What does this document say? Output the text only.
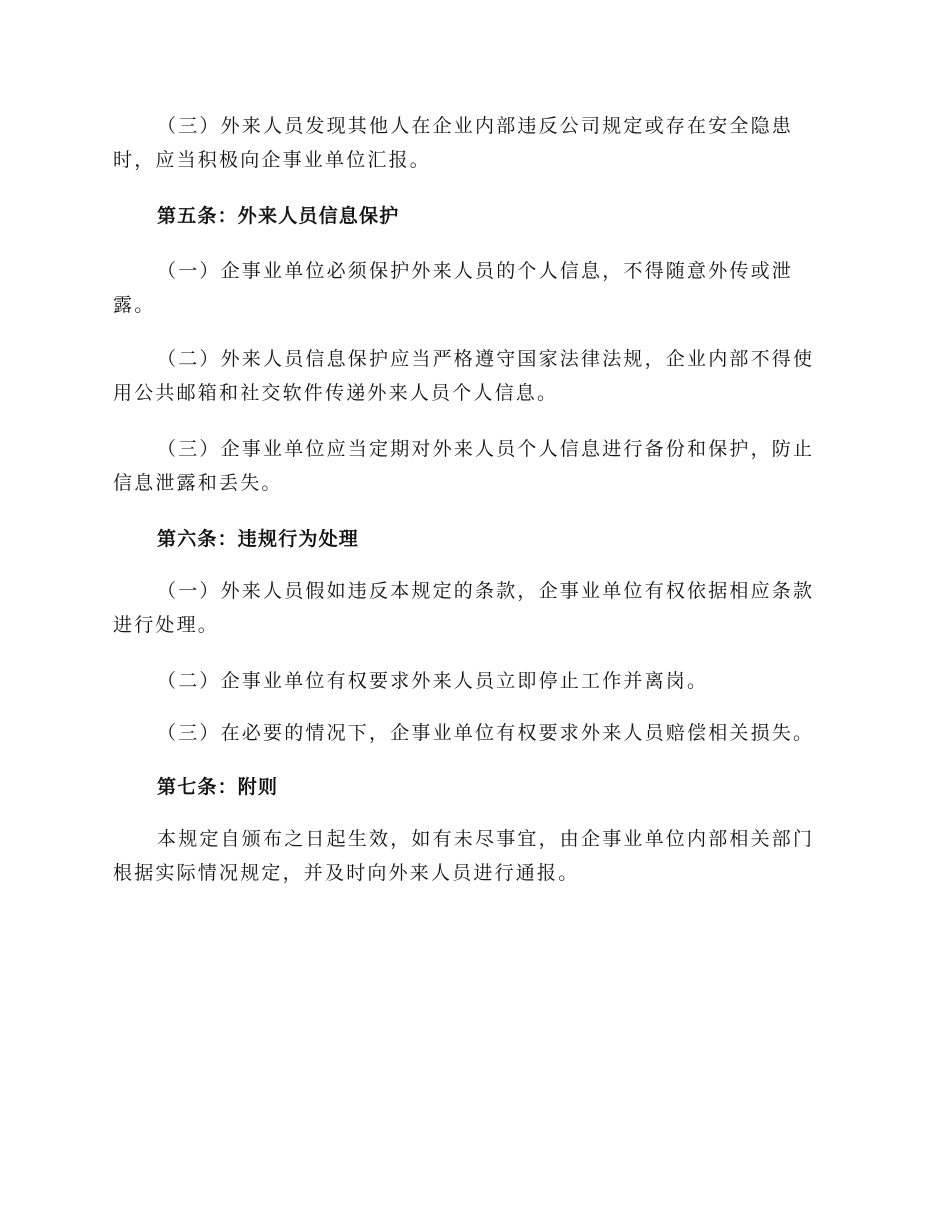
（三）外来人员发现其他人在企业内部违反公司规定或存在安全隐患
时，应当积极向企事业单位汇报。

第五条：外来人员信息保护

（一）企事业单位必须保护外来人员的个人信息，不得随意外传或泄
露。

（二）外来人员信息保护应当严格遵守国家法律法规，企业内部不得使
用公共邮箱和社交软件传递外来人员个人信息。

（三）企事业单位应当定期对外来人员个人信息进行备份和保护，防止
信息泄露和丢失。

第六条：违规行为处理

（一）外来人员假如违反本规定的条款，企事业单位有权依据相应条款
进行处理。

（二）企事业单位有权要求外来人员立即停止工作并离岗。

（三）在必要的情况下，企事业单位有权要求外来人员赔偿相关损失。

第七条：附则

本规定自颁布之日起生效，如有未尽事宜，由企事业单位内部相关部门
根据实际情况规定，并及时向外来人员进行通报。
